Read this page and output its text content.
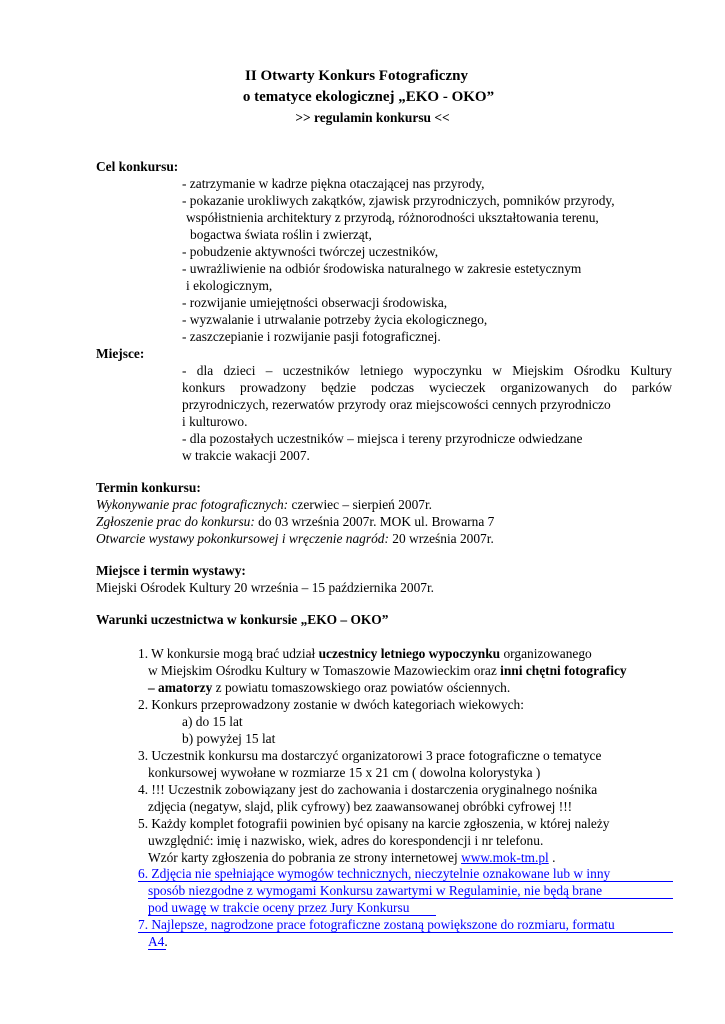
II Otwarty Konkurs Fotograficzny
o tematyce ekologicznej „EKO - OKO”
>> regulamin konkursu <<
Cel konkursu:
- zatrzymanie w kadrze piękna otaczającej nas przyrody,
- pokazanie urokliwych zakątków, zjawisk przyrodniczych, pomników przyrody,
współistnienia architektury z przyrodą, różnorodności ukształtowania terenu,
bogactwa świata roślin i zwierząt,
- pobudzenie aktywności twórczej uczestników,
- uwrażliwienie na odbiór środowiska naturalnego w zakresie estetycznym
i ekologicznym,
- rozwijanie umiejętności obserwacji środowiska,
- wyzwalanie i utrwalanie potrzeby życia ekologicznego,
- zaszczepianie i rozwijanie pasji fotograficznej.
Miejsce:
- dla dzieci – uczestników letniego wypoczynku w Miejskim Ośrodku Kultury
konkurs prowadzony będzie podczas wycieczek organizowanych do parków
przyrodniczych, rezerwatów przyrody oraz miejscowości cennych przyrodniczo
i kulturowo.
- dla pozostałych uczestników – miejsca i tereny przyrodnicze odwiedzane
w trakcie wakacji 2007.
Termin konkursu:
Wykonywanie prac fotograficznych: czerwiec – sierpień 2007r.
Zgłoszenie prac do konkursu: do 03 września 2007r. MOK ul. Browarna 7
Otwarcie wystawy pokonkursowej i wręczenie nagród: 20 września 2007r.
Miejsce i termin wystawy:
Miejski Ośrodek Kultury 20 września – 15 października 2007r.
Warunki uczestnictwa w konkursie „EKO – OKO”
1. W konkursie mogą brać udział uczestnicy letniego wypoczynku organizowanego
w Miejskim Ośrodku Kultury w Tomaszowie Mazowieckim oraz inni chętni fotograficy
– amatorzy z powiatu tomaszowskiego oraz powiatów ościennych.
2. Konkurs przeprowadzony zostanie w dwóch kategoriach wiekowych:
a) do 15 lat
b) powyżej 15 lat
3. Uczestnik konkursu ma dostarczyć organizatorowi 3 prace fotograficzne o tematyce
konkursowej wywołane w rozmiarze 15 x 21 cm ( dowolna kolorystyka )
4. !!! Uczestnik zobowiązany jest do zachowania i dostarczenia oryginalnego nośnika
zdjęcia (negatyw, slajd, plik cyfrowy) bez zaawansowanej obróbki cyfrowej !!!
5. Każdy komplet fotografii powinien być opisany na karcie zgłoszenia, w której należy
uwzględnić: imię i nazwisko, wiek, adres do korespondencji i nr telefonu.
Wzór karty zgłoszenia do pobrania ze strony internetowej www.mok-tm.pl .
6. Zdjęcia nie spełniające wymogów technicznych, nieczytelnie oznakowane lub w inny
sposób niezgodne z wymogami Konkursu zawartymi w Regulaminie, nie będą brane
pod uwagę w trakcie oceny przez Jury Konkursu
7. Najlepsze, nagrodzone prace fotograficzne zostaną powiększone do rozmiaru, formatu
A4.
